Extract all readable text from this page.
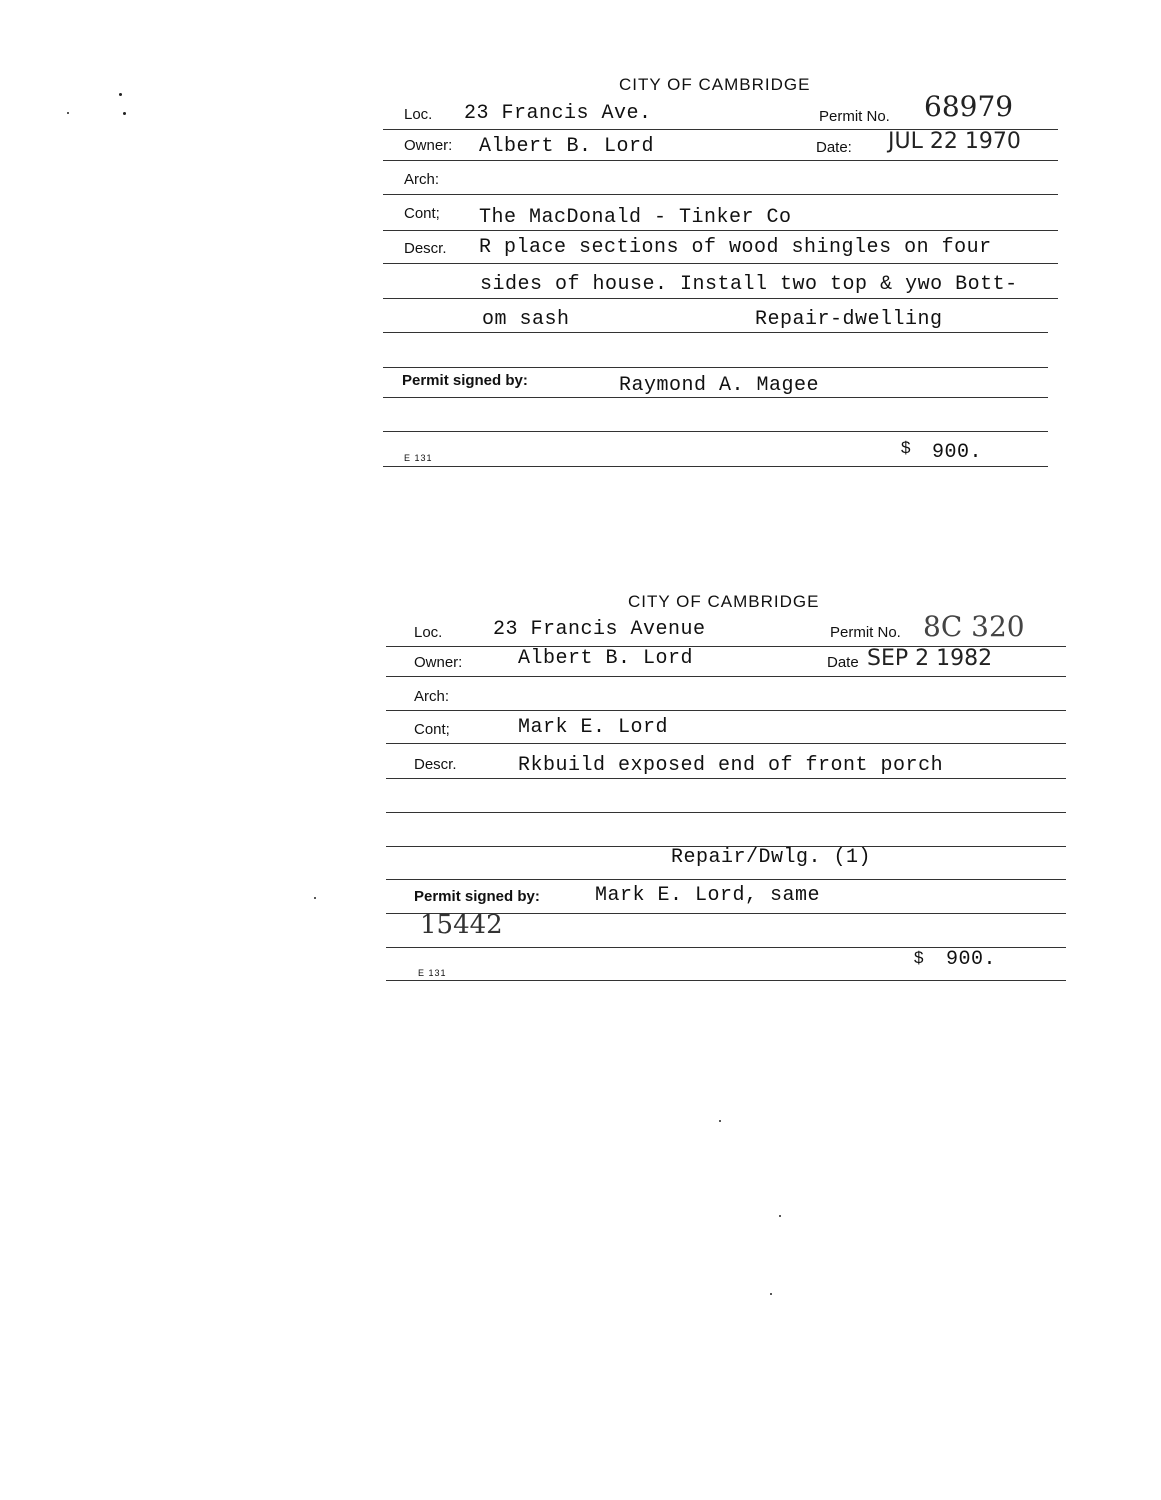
CITY OF CAMBRIDGE
Loc. 23 Francis Ave.	Permit No. 68979
Owner: Albert B. Lord	Date: JUL 22 1970
Arch:
Cont; The MacDonald - Tinker Co
Descr. R place sections of wood shingles on four
sides of house. Install two top & ywo Bott-
om sash	Repair-dwelling
Permit signed by:	Raymond A. Magee
E 131
$ 900.
CITY OF CAMBRIDGE
Loc.	23 Francis Avenue	Permit No. 8C 320
Owner:	Albert B. Lord	Date SEP 2 1982
Arch:
Cont;	Mark E. Lord
Descr.	Rkbuild exposed end of front porch
Repair/Dwlg. (1)
Permit signed by:	Mark E. Lord, same
15442
E 131
$ 900.
